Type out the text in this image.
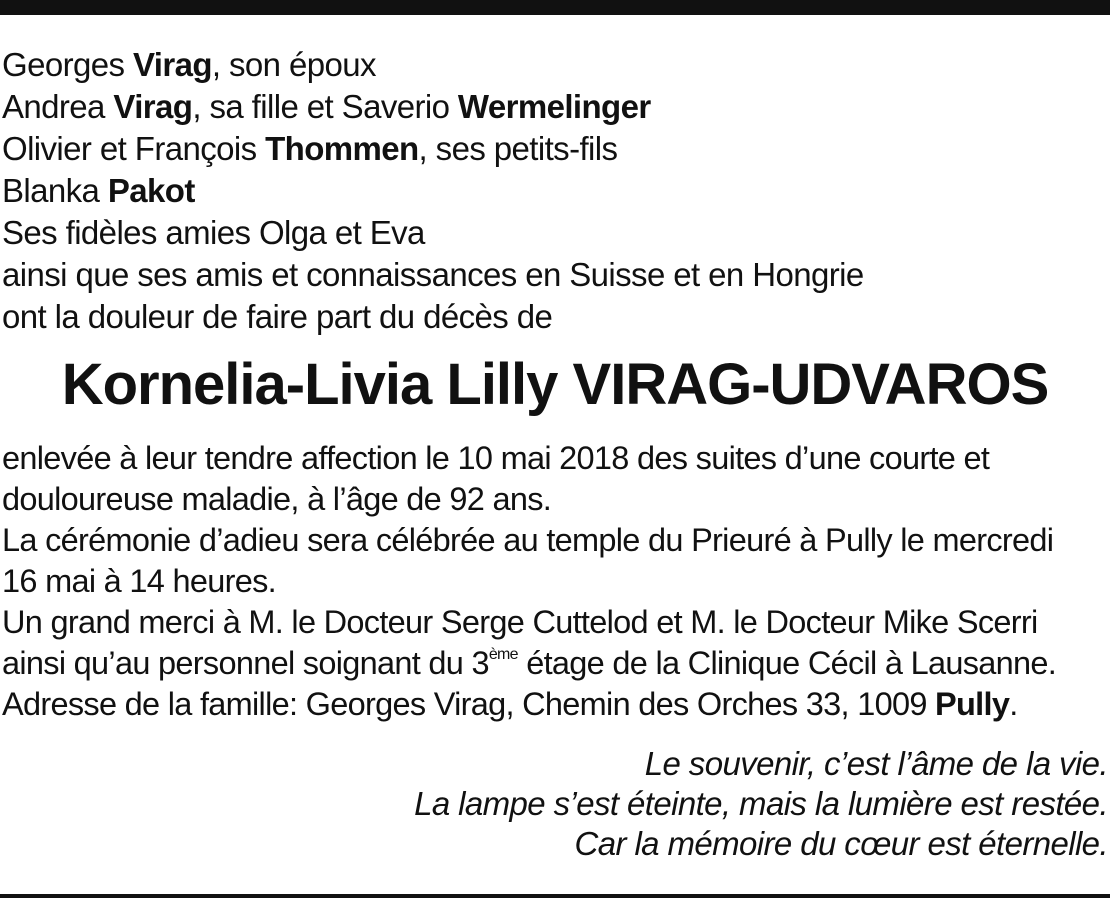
Georges Virag, son époux
Andrea Virag, sa fille et Saverio Wermelinger
Olivier et François Thommen, ses petits-fils
Blanka Pakot
Ses fidèles amies Olga et Eva
ainsi que ses amis et connaissances en Suisse et en Hongrie
ont la douleur de faire part du décès de
Kornelia-Livia Lilly VIRAG-UDVAROS
enlevée à leur tendre affection le 10 mai 2018 des suites d’une courte et
douloureuse maladie, à l’âge de 92 ans.
La cérémonie d’adieu sera célébrée au temple du Prieuré à Pully le mercredi
16 mai à 14 heures.
Un grand merci à M. le Docteur Serge Cuttelod et M. le Docteur Mike Scerri
ainsi qu’au personnel soignant du 3ème étage de la Clinique Cécil à Lausanne.
Adresse de la famille: Georges Virag, Chemin des Orches 33, 1009 Pully.
Le souvenir, c’est l’âme de la vie.
La lampe s’est éteinte, mais la lumière est restée.
Car la mémoire du cœur est éternelle.
